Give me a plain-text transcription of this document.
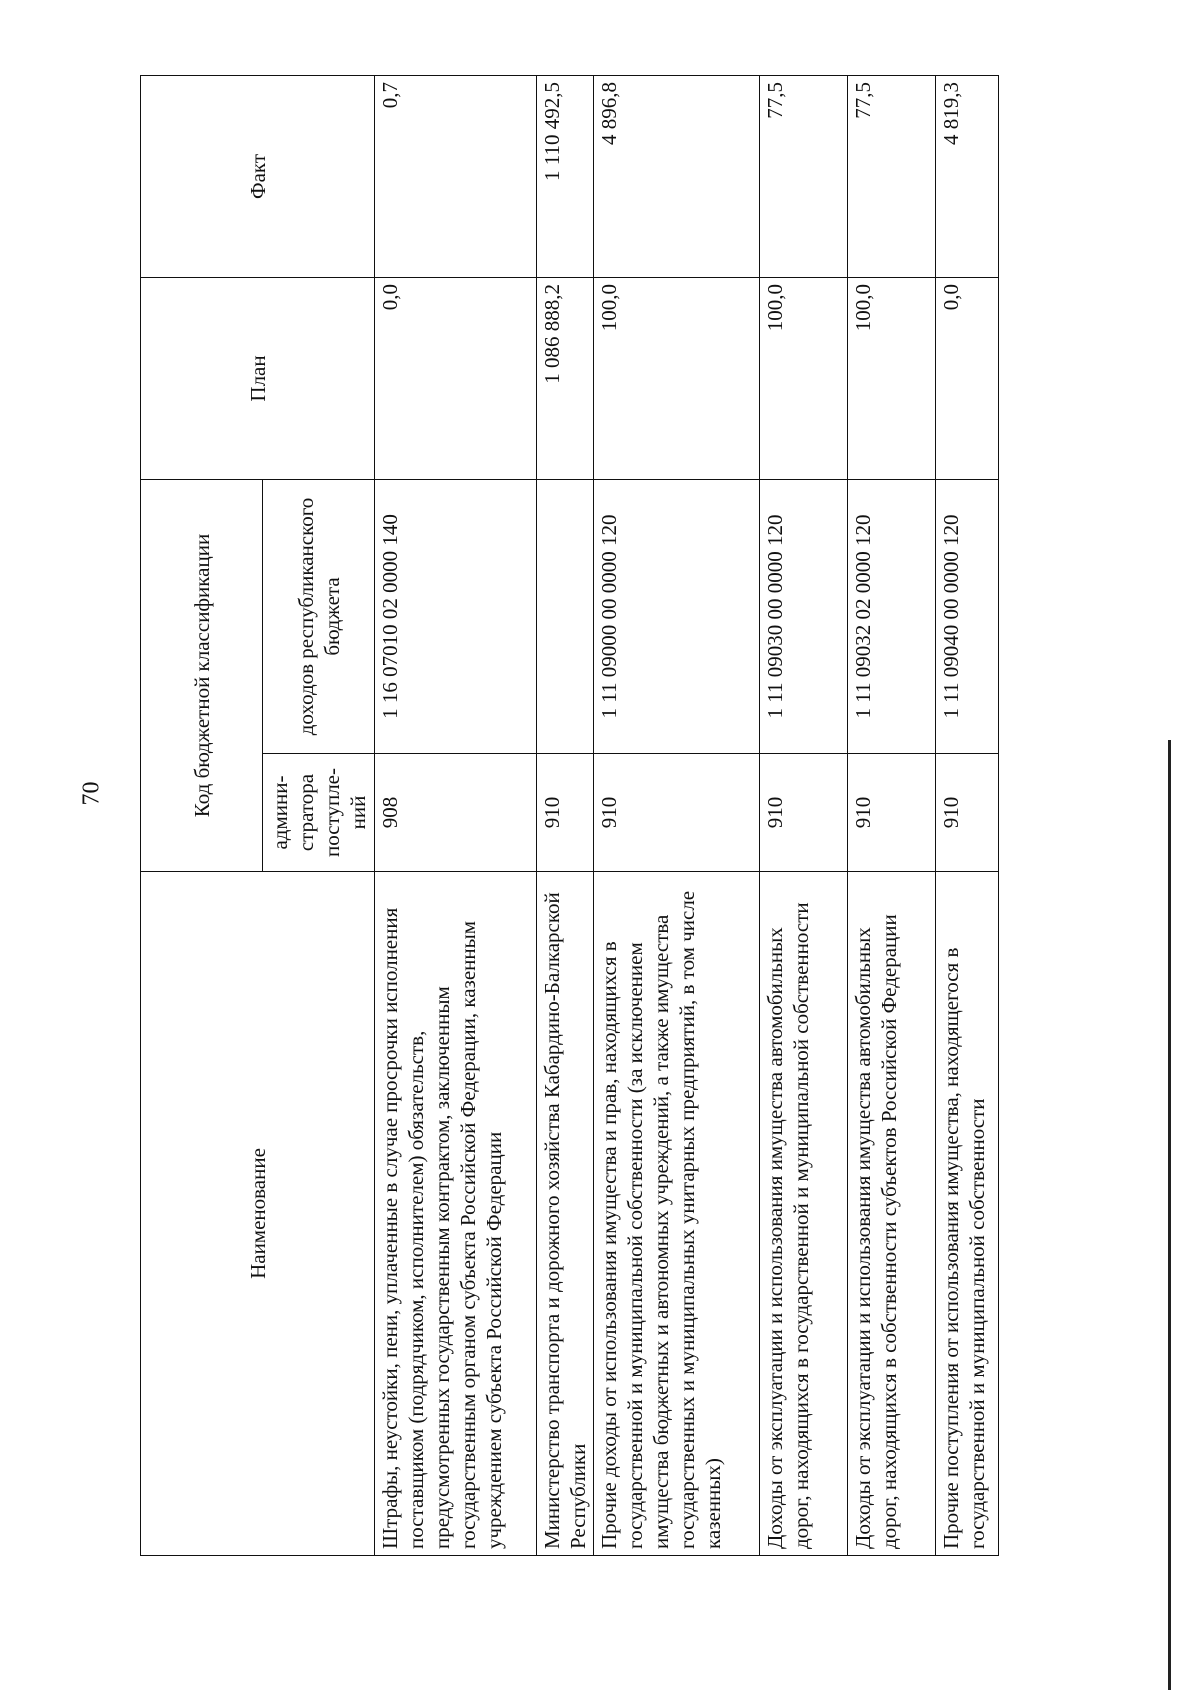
70
Наименование	Код бюджетной классификации		План	Факт
	админи-стратора поступле-ний	доходов республиканского бюджета		
Штрафы, неустойки, пени, уплаченные в случае просрочки исполнения поставщиком (подрядчиком, исполнителем) обязательств, предусмотренных государственным контрактом, заключенным государственным органом субъекта Российской Федерации, казенным учреждением субъекта Российской Федерации	908	1 16 07010 02 0000 140	0,0	0,7
Министерство транспорта и дорожного хозяйства Кабардино-Балкарской Республики	910		1 086 888,2	1 110 492,5
Прочие доходы от использования имущества и прав, находящихся в государственной и муниципальной собственности (за исключением имущества бюджетных и автономных учреждений, а также имущества государственных и муниципальных унитарных предприятий, в том числе казенных)	910	1 11 09000 00 0000 120	100,0	4 896,8
Доходы от эксплуатации и использования имущества автомобильных дорог, находящихся в государственной и муниципальной собственности	910	1 11 09030 00 0000 120	100,0	77,5
Доходы от эксплуатации и использования имущества автомобильных дорог, находящихся в собственности субъектов Российской Федерации	910	1 11 09032 02 0000 120	100,0	77,5
Прочие поступления от использования имущества, находящегося в государственной и муниципальной собственности	910	1 11 09040 00 0000 120	0,0	4 819,3
